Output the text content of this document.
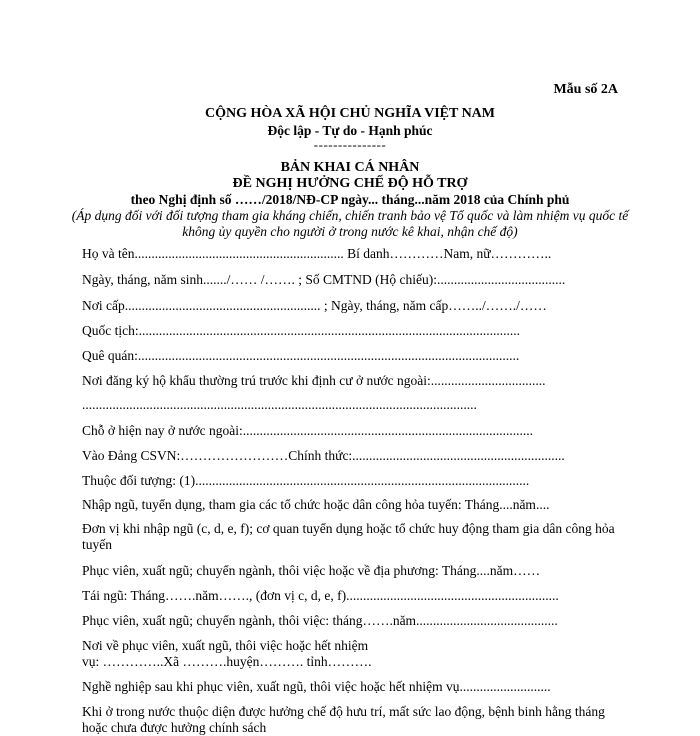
Mẫu số 2A
CỘNG HÒA XÃ HỘI CHỦ NGHĨA VIỆT NAM
Độc lập - Tự do - Hạnh phúc
---------------
BẢN KHAI CÁ NHÂN
ĐỀ NGHỊ HƯỞNG CHẾ ĐỘ HỖ TRỢ
theo Nghị định số ……/2018/NĐ-CP ngày... tháng...năm 2018 của Chính phủ
(Áp dụng đối với đối tượng tham gia kháng chiến, chiến tranh bảo vệ Tổ quốc và làm nhiệm vụ quốc tế không ủy quyền cho người ở trong nước kê khai, nhận chế độ)
Họ và tên.............................................................. Bí danh…………Nam, nữ…………..
Ngày, tháng, năm sinh......./…… /……. ; Số CMTND (Hộ chiếu):......................................
Nơi cấp.......................................................... ; Ngày, tháng, năm cấp……../……./……
Quốc tịch:.................................................................................................................
Quê quán:.................................................................................................................
Nơi đăng ký hộ khẩu thường trú trước khi định cư ở nước ngoài:..................................
.....................................................................................................................
Chỗ ở hiện nay ở nước ngoài:......................................................................................
Vào Đảng CSVN:……………………Chính thức:...............................................................
Thuộc đối tượng: (1)...................................................................................................
Nhập ngũ, tuyển dụng, tham gia các tổ chức hoặc dân công hỏa tuyến: Tháng....năm....
Đơn vị khi nhập ngũ (c, d, e, f); cơ quan tuyển dụng hoặc tổ chức huy động tham gia dân công hỏa tuyến
Phục viên, xuất ngũ; chuyển ngành, thôi việc hoặc về địa phương: Tháng....năm……
Tái ngũ: Tháng…….năm……., (đơn vị c, d, e, f)...............................................................
Phục viên, xuất ngũ; chuyển ngành, thôi việc: tháng…….năm..........................................
Nơi về phục viên, xuất ngũ, thôi việc hoặc hết nhiệm
vụ: …………..Xã ……….huyện………. tỉnh……….
Nghề nghiệp sau khi phục viên, xuất ngũ, thôi việc hoặc hết nhiệm vụ...........................
Khi ở trong nước thuộc diện được hưởng chế độ hưu trí, mất sức lao động, bệnh binh hằng tháng hoặc chưa được hưởng chính sách
